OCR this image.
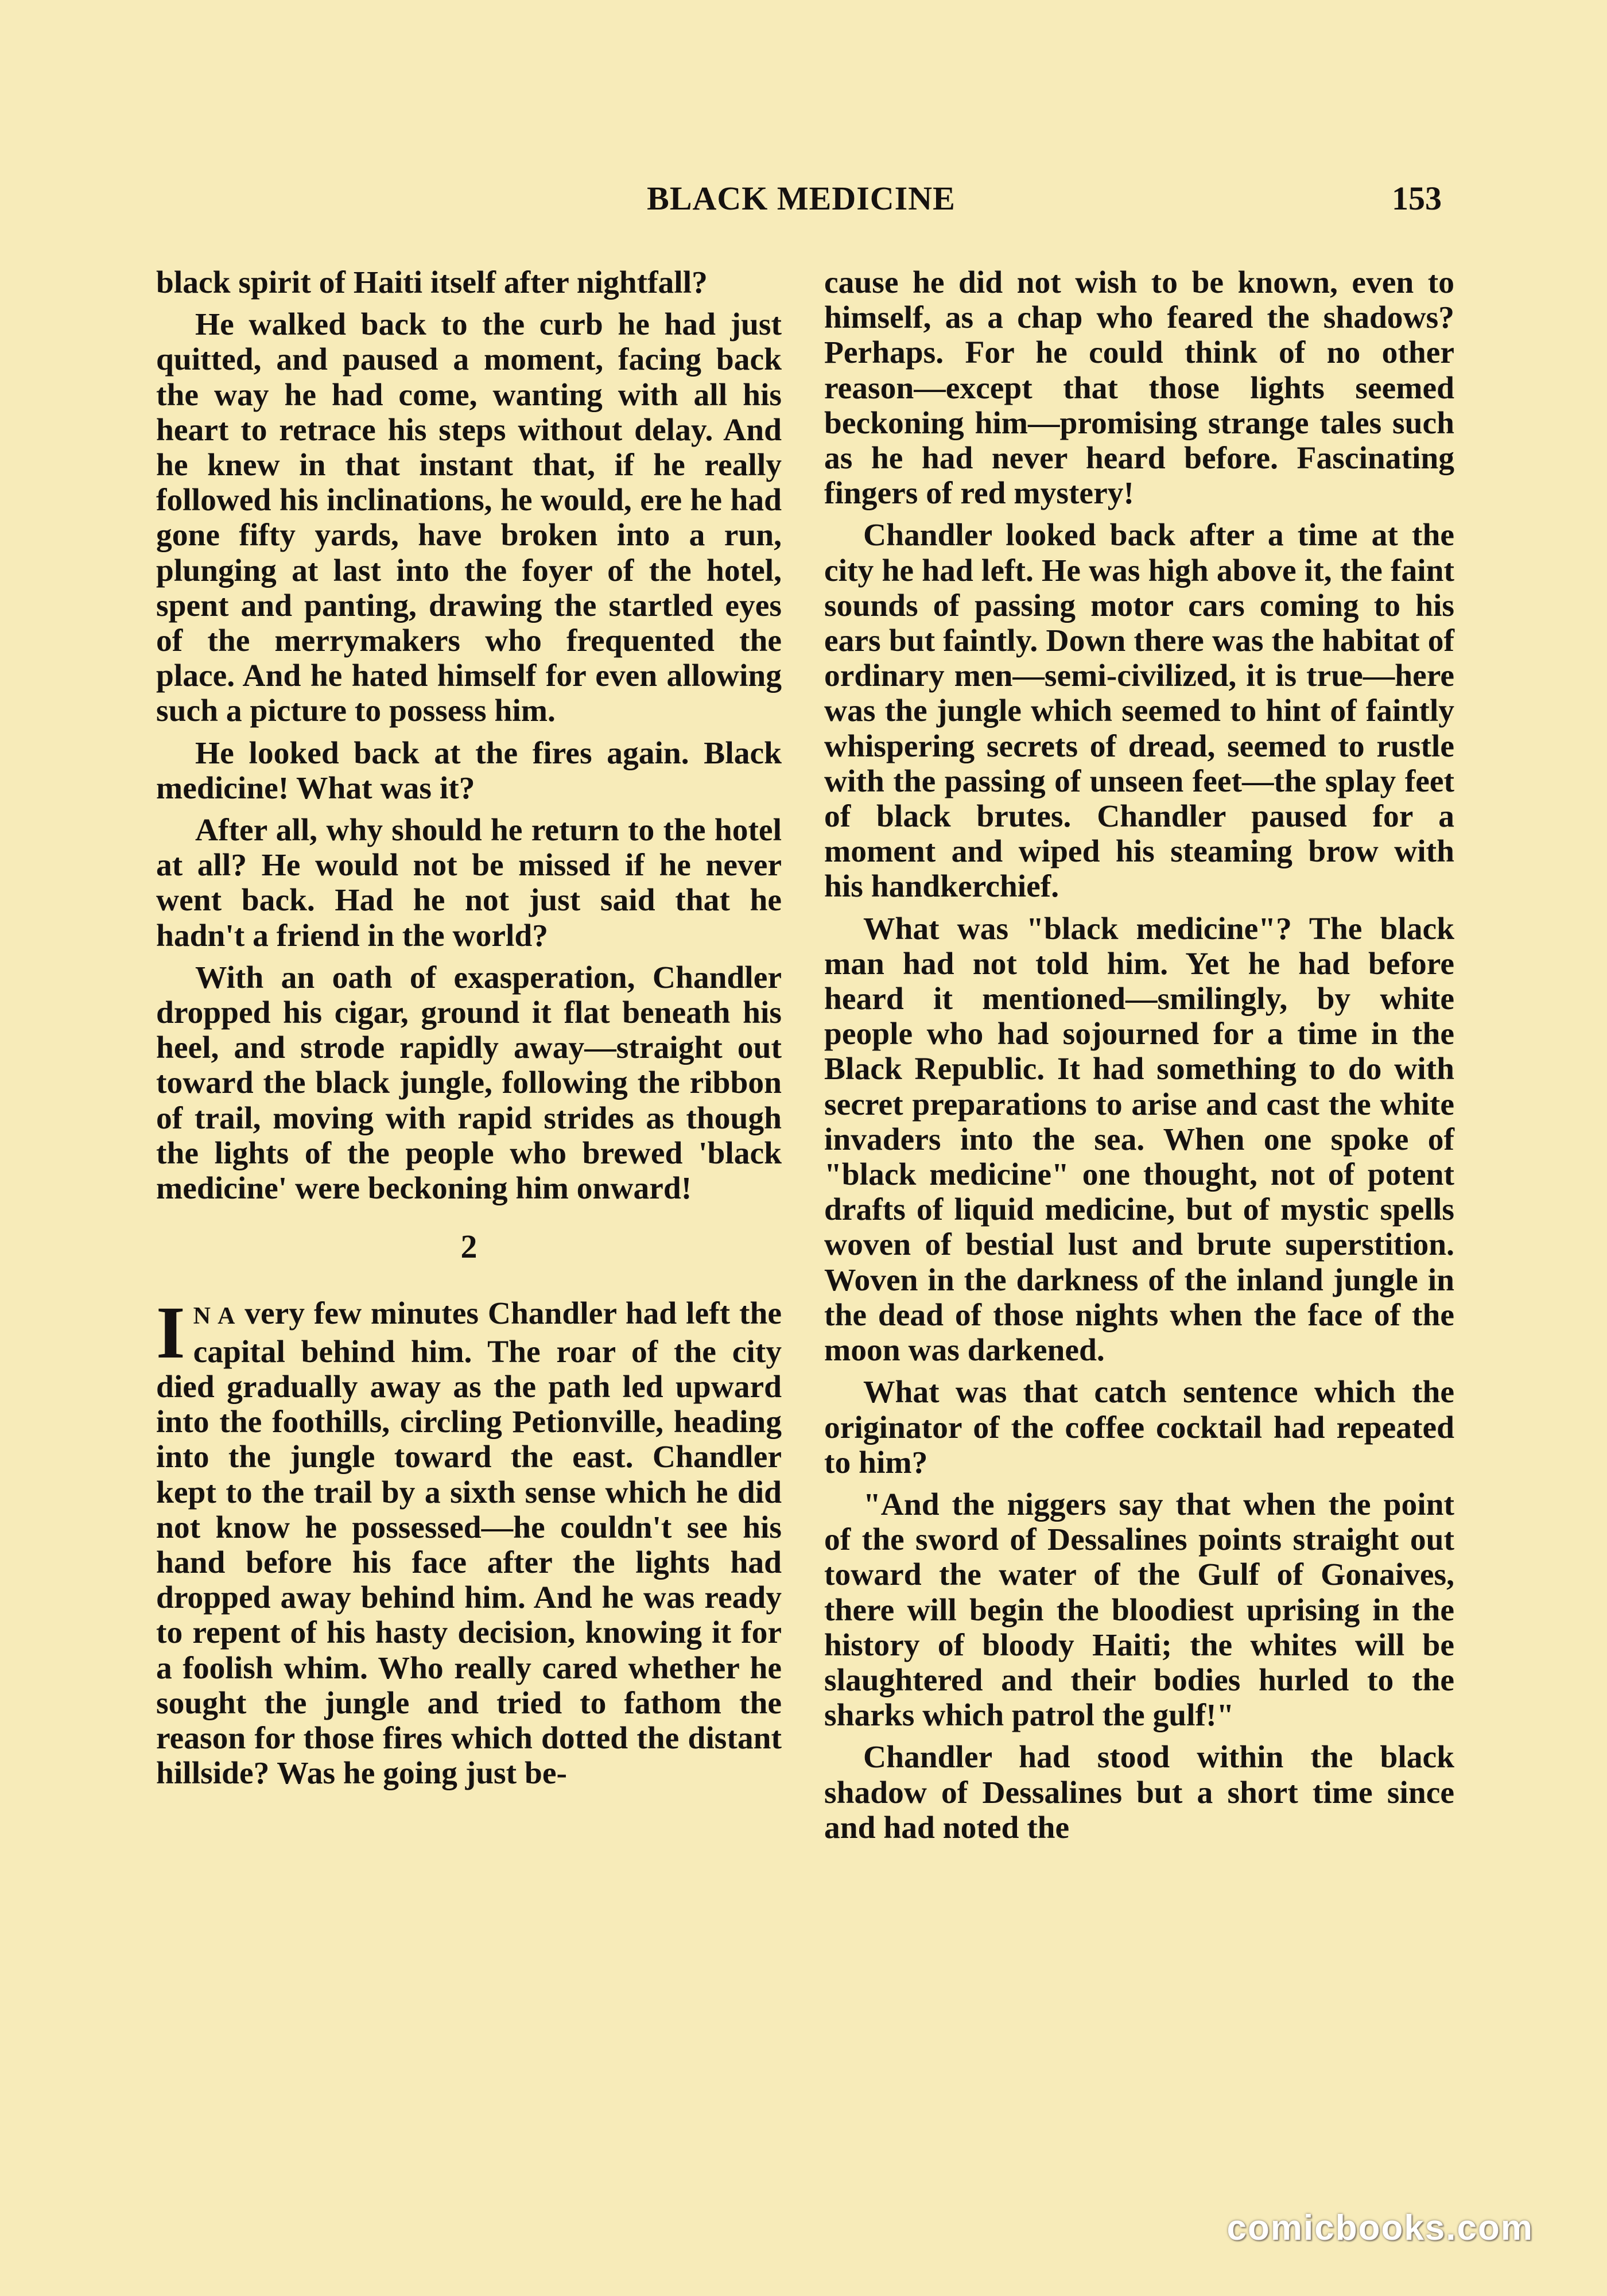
BLACK MEDICINE	153

black spirit of Haiti itself after nightfall?

He walked back to the curb he had just quitted, and paused a moment, facing back the way he had come, wanting with all his heart to retrace his steps without delay. And he knew in that instant that, if he really followed his inclinations, he would, ere he had gone fifty yards, have broken into a run, plunging at last into the foyer of the hotel, spent and panting, drawing the startled eyes of the merrymakers who frequented the place. And he hated himself for even allowing such a picture to possess him.

He looked back at the fires again. Black medicine! What was it?

After all, why should he return to the hotel at all? He would not be missed if he never went back. Had he not just said that he hadn't a friend in the world?

With an oath of exasperation, Chandler dropped his cigar, ground it flat beneath his heel, and strode rapidly away—straight out toward the black jungle, following the ribbon of trail, moving with rapid strides as though the lights of the people who brewed 'black medicine' were beckoning him onward!

2

I N A very few minutes Chandler had left the capital behind him. The roar of the city died gradually away as the path led upward into the foothills, circling Petionville, heading into the jungle toward the east. Chandler kept to the trail by a sixth sense which he did not know he possessed—he couldn't see his hand before his face after the lights had dropped away behind him. And he was ready to repent of his hasty decision, knowing it for a foolish whim. Who really cared whether he sought the jungle and tried to fathom the reason for those fires which dotted the distant hillside? Was he going just be-

cause he did not wish to be known, even to himself, as a chap who feared the shadows? Perhaps. For he could think of no other reason—except that those lights seemed beckoning him—promising strange tales such as he had never heard before. Fascinating fingers of red mystery!

Chandler looked back after a time at the city he had left. He was high above it, the faint sounds of passing motor cars coming to his ears but faintly. Down there was the habitat of ordinary men—semi-civilized, it is true—here was the jungle which seemed to hint of faintly whispering secrets of dread, seemed to rustle with the passing of unseen feet—the splay feet of black brutes. Chandler paused for a moment and wiped his steaming brow with his handkerchief.

What was "black medicine"? The black man had not told him. Yet he had before heard it mentioned—smilingly, by white people who had sojourned for a time in the Black Republic. It had something to do with secret preparations to arise and cast the white invaders into the sea. When one spoke of "black medicine" one thought, not of potent drafts of liquid medicine, but of mystic spells woven of bestial lust and brute superstition. Woven in the darkness of the inland jungle in the dead of those nights when the face of the moon was darkened.

What was that catch sentence which the originator of the coffee cocktail had repeated to him?

"And the niggers say that when the point of the sword of Dessalines points straight out toward the water of the Gulf of Gonaives, there will begin the bloodiest uprising in the history of bloody Haiti; the whites will be slaughtered and their bodies hurled to the sharks which patrol the gulf!"

Chandler had stood within the black shadow of Dessalines but a short time since and had noted the

comicbooks.com
